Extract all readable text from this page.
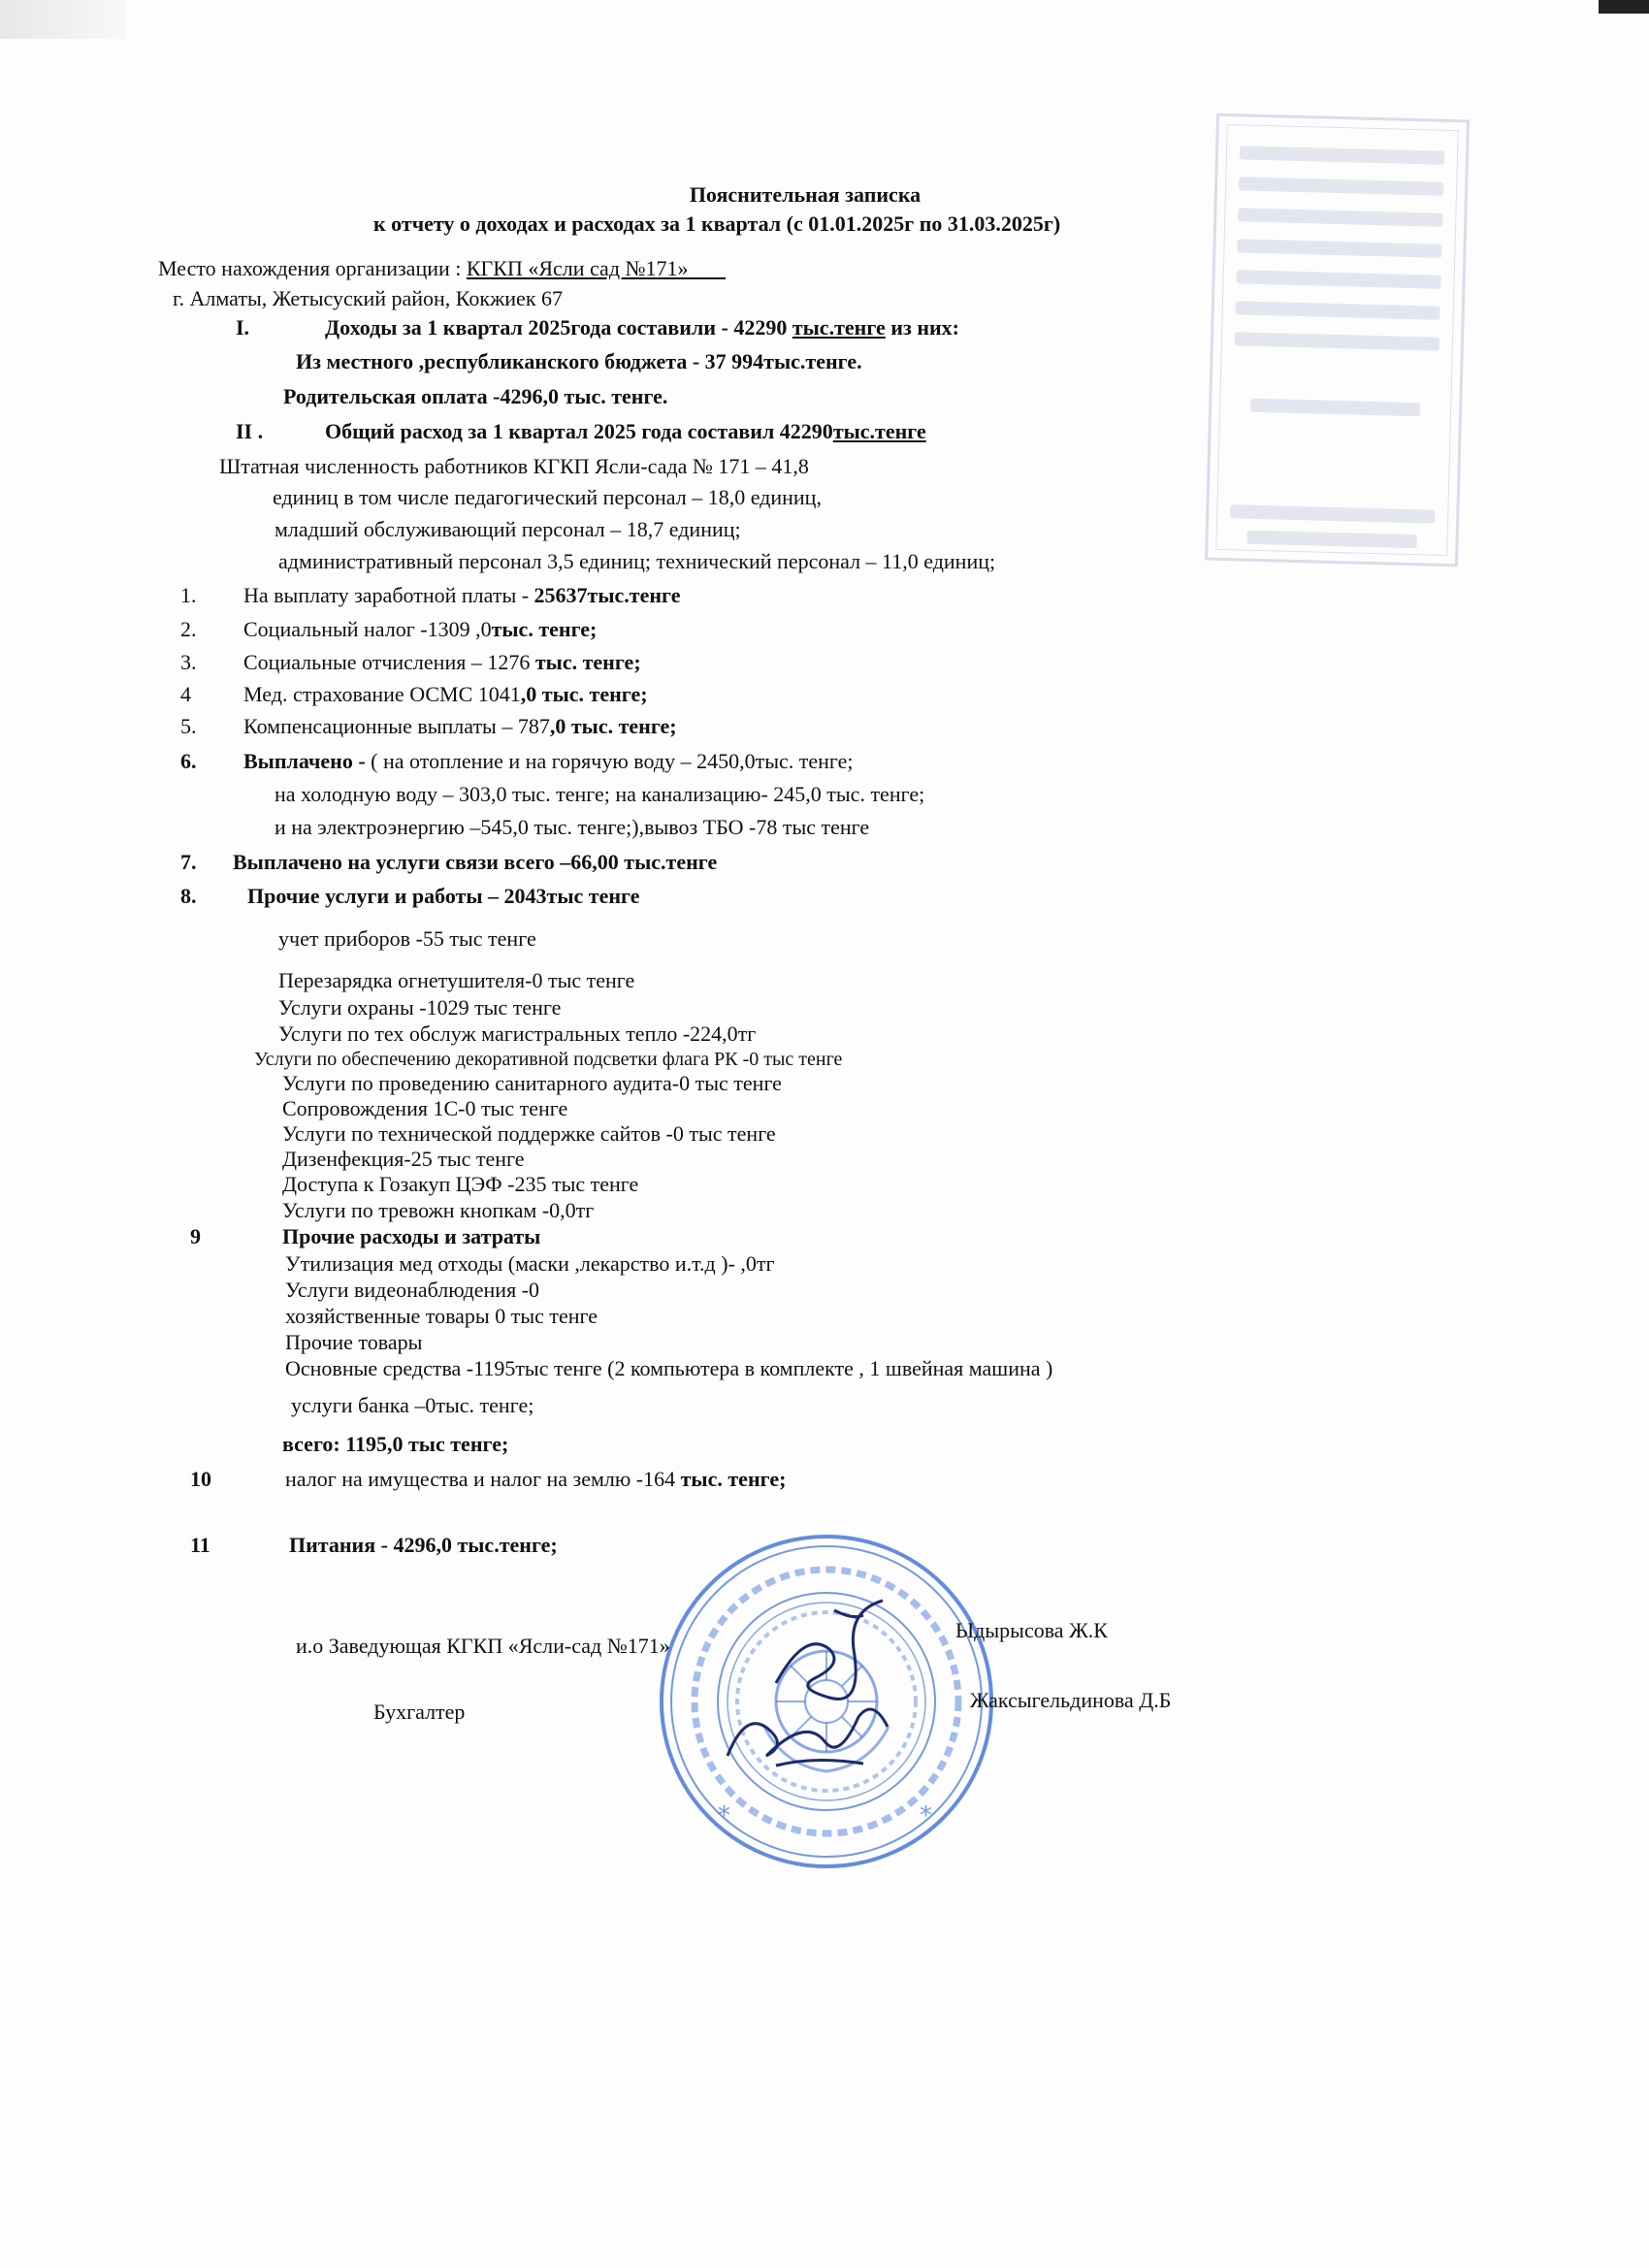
Пояснительная записка
к отчету о доходах и расходах за 1 квартал (с 01.01.2025г по 31.03.2025г)
Место нахождения организации : КГКП «Ясли сад №171»
г. Алматы, Жетысуский район, Кокжиек 67
I.	Доходы за 1 квартал 2025года составили - 42290 тыс.тенге из них:
Из местного ,республиканского бюджета - 37 994тыс.тенге.
Родительская оплата -4296,0 тыс. тенге.
II .	Общий расход за 1 квартал 2025 года составил 42290тыс.тенге
Штатная численность работников КГКП Ясли-сада № 171 – 41,8
единиц в том числе педагогический персонал – 18,0 единиц,
младший обслуживающий персонал – 18,7 единиц;
административный персонал 3,5 единиц; технический персонал – 11,0 единиц;
1. На выплату заработной платы - 25637тыс.тенге
2. Социальный налог -1309 ,0тыс. тенге;
3. Социальные отчисления – 1276 тыс. тенге;
4 Мед. страхование ОСМС 1041,0 тыс. тенге;
5. Компенсационные выплаты – 787,0 тыс. тенге;
6. Выплачено - ( на отопление и на горячую воду – 2450,0тыс. тенге;
на холодную воду – 303,0 тыс. тенге; на канализацию- 245,0 тыс. тенге;
и на электроэнергию –545,0 тыс. тенге;),вывоз ТБО -78 тыс тенге
7. Выплачено на услуги связи всего –66,00 тыс.тенге
8. Прочие услуги и работы – 2043тыс тенге
учет приборов -55 тыс тенге
Перезарядка огнетушителя-0 тыс тенге
Услуги охраны -1029 тыс тенге
Услуги по тех обслуж магистральных тепло -224,0тг
Услуги по обеспечению декоративной подсветки флага РК -0 тыс тенге
Услуги по проведению санитарного аудита-0 тыс тенге
Сопровождения 1С-0 тыс тенге
Услуги по технической поддержке сайтов -0 тыс тенге
Дизенфекция-25 тыс тенге
Доступа к Гозакуп ЦЭФ -235 тыс тенге
Услуги по тревожн кнопкам -0,0тг
9	Прочие расходы и затраты
Утилизация мед отходы (маски ,лекарство и.т.д )- ,0тг
Услуги видеонаблюдения -0
хозяйственные товары 0 тыс тенге
Прочие товары
Основные средства -1195тыс тенге (2 компьютера в комплекте , 1 швейная машина )
услуги банка –0тыс. тенге;
всего: 1195,0 тыс тенге;
10	налог на имущества и налог на землю -164 тыс. тенге;
11	Питания - 4296,0 тыс.тенге;
*	*
и.о Заведующая КГКП «Ясли-сад №171»
Ыдырысова Ж.К
Бухгалтер	Жаксыгельдинова Д.Б
